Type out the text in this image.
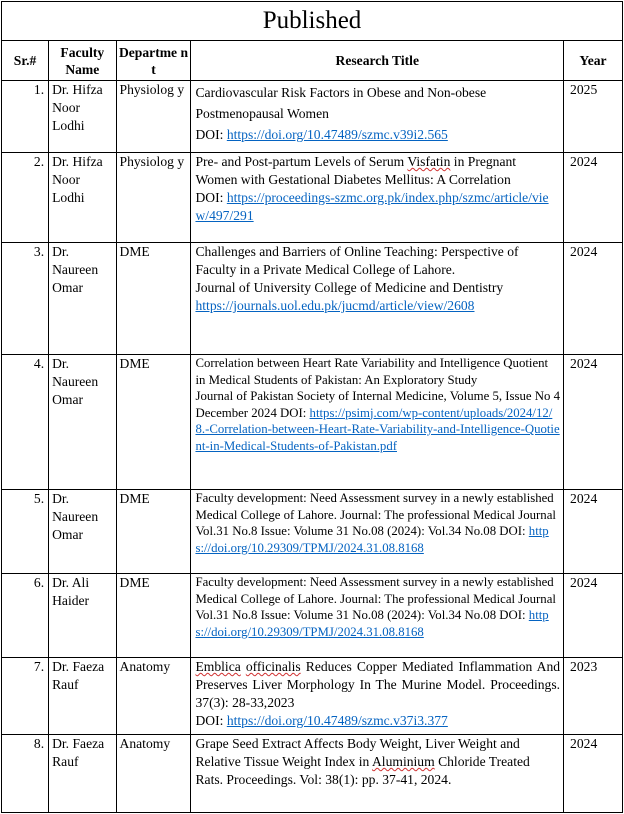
Published				
Sr.#	Faculty Name	Departme nt	Research Title	Year
1.	Dr. Hifza Noor Lodhi	Physiolog y	Cardiovascular Risk Factors in Obese and Non-obese Postmenopausal Women
DOI: https://doi.org/10.47489/szmc.v39i2.565	2025
2.	Dr. Hifza Noor Lodhi	Physiolog y	Pre- and Post-partum Levels of Serum Visfatin in Pregnant Women with Gestational Diabetes Mellitus: A Correlation
DOI: https://proceedings-szmc.org.pk/index.php/szmc/article/view/497/291	2024
3.	Dr. Naureen Omar	DME	Challenges and Barriers of Online Teaching: Perspective of Faculty in a Private Medical College of Lahore.
Journal of University College of Medicine and Dentistry
https://journals.uol.edu.pk/jucmd/article/view/2608	2024
4.	Dr. Naureen Omar	DME	Correlation between Heart Rate Variability and Intelligence Quotient in Medical Students of Pakistan: An Exploratory Study
Journal of Pakistan Society of Internal Medicine, Volume 5, Issue No 4 December 2024 DOI: https://psimj.com/wp-content/uploads/2024/12/8.-Correlation-between-Heart-Rate-Variability-and-Intelligence-Quotient-in-Medical-Students-of-Pakistan.pdf	2024
5.	Dr. Naureen Omar	DME	Faculty development: Need Assessment survey in a newly established Medical College of Lahore. Journal: The professional Medical Journal Vol.31 No.8 Issue: Volume 31 No.08 (2024): Vol.34 No.08 DOI: https://doi.org/10.29309/TPMJ/2024.31.08.8168	2024
6.	Dr. Ali Haider	DME	Faculty development: Need Assessment survey in a newly established Medical College of Lahore. Journal: The professional Medical Journal Vol.31 No.8 Issue: Volume 31 No.08 (2024): Vol.34 No.08 DOI: https://doi.org/10.29309/TPMJ/2024.31.08.8168	2024
7.	Dr. Faeza Rauf	Anatomy	Emblica officinalis Reduces Copper Mediated Inflammation And Preserves Liver Morphology In The Murine Model. Proceedings. 37(3): 28-33,2023
DOI: https://doi.org/10.47489/szmc.v37i3.377	2023
8.	Dr. Faeza Rauf	Anatomy	Grape Seed Extract Affects Body Weight, Liver Weight and Relative Tissue Weight Index in Aluminium Chloride Treated Rats. Proceedings. Vol: 38(1): pp. 37-41, 2024.	2024
